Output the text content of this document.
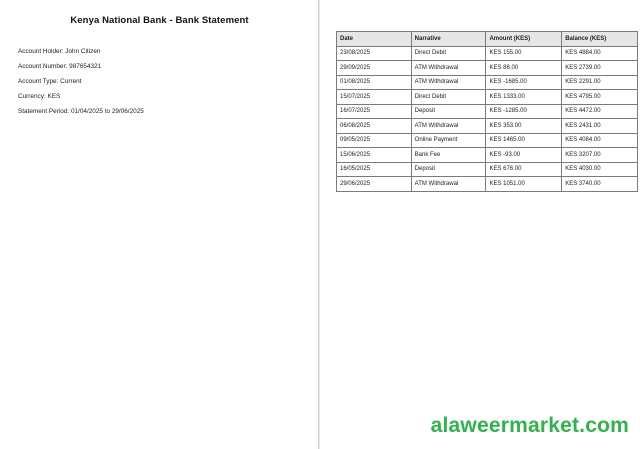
Kenya National Bank - Bank Statement
Account Holder : John Citizen
Account Number : 987654321
Account Type : Current
Currency : KES
Statement Period : 01/04/2025 to 29/06/2025
Date	Narrative	Amount (KES)	Balance (KES)
23/08/2025	Direct Debit	KES 155.00	KES 4884.00
29/09/2025	ATM Withdrawal	KES 88.00	KES 2739.00
01/08/2025	ATM Withdrawal	KES -1685.00	KES 2291.00
15/07/2025	Direct Debit	KES 1333.00	KES 4795.00
16/07/2025	Deposit	KES -1285.00	KES 4472.00
06/08/2025	ATM Withdrawal	KES 353.00	KES 2431.00
09/05/2025	Online Payment	KES 1465.00	KES 4084.00
15/06/2025	Bank Fee	KES -93.00	KES 3207.00
16/05/2025	Deposit	KES 676.00	KES 4030.00
29/06/2025	ATM Withdrawal	KES 1051.00	KES 3740.00
alaweermarket.com
